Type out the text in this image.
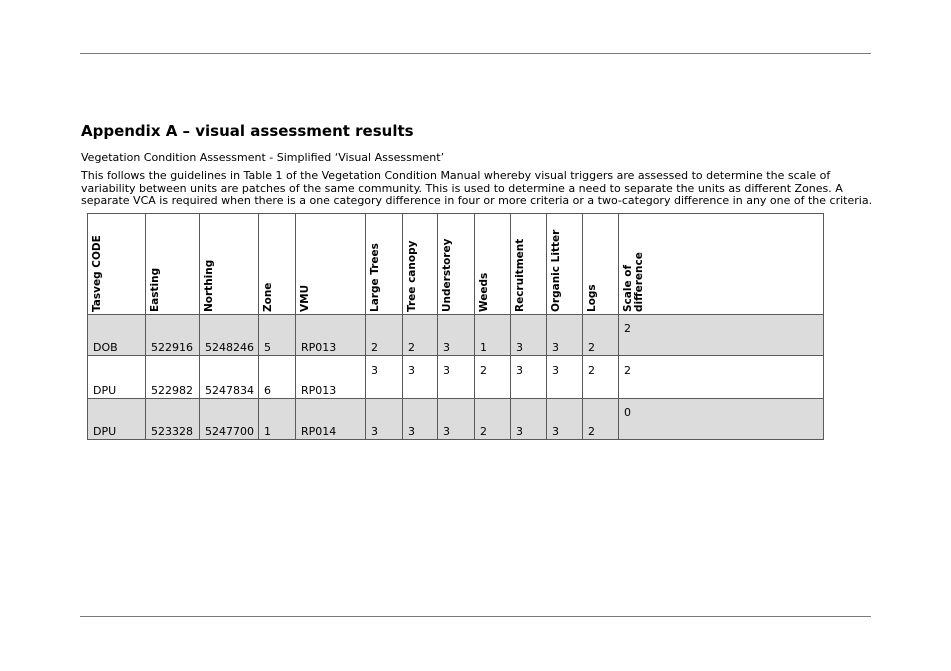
Appendix A – visual assessment results
Vegetation Condition Assessment - Simplified ‘Visual Assessment’

This follows the guidelines in Table 1 of the Vegetation Condition Manual whereby visual triggers are assessed to determine the scale of variability between units are patches of the same community. This is used to determine a need to separate the units as different Zones. A separate VCA is required when there is a one category difference in four or more criteria or a two-category difference in any one of the criteria.

Tasveg CODE	Easting	Northing	Zone	VMU	Large Trees	Tree canopy	Understorey	Weeds	Recruitment	Organic Litter	Logs	Scale of difference

DOB	522916	5248246	5	RP013	2	2	3	1	3	3	2	2
DPU	522982	5247834	6	RP013	3	3	3	2	3	3	2	2
DPU	523328	5247700	1	RP014	3	3	3	2	3	3	2	0
